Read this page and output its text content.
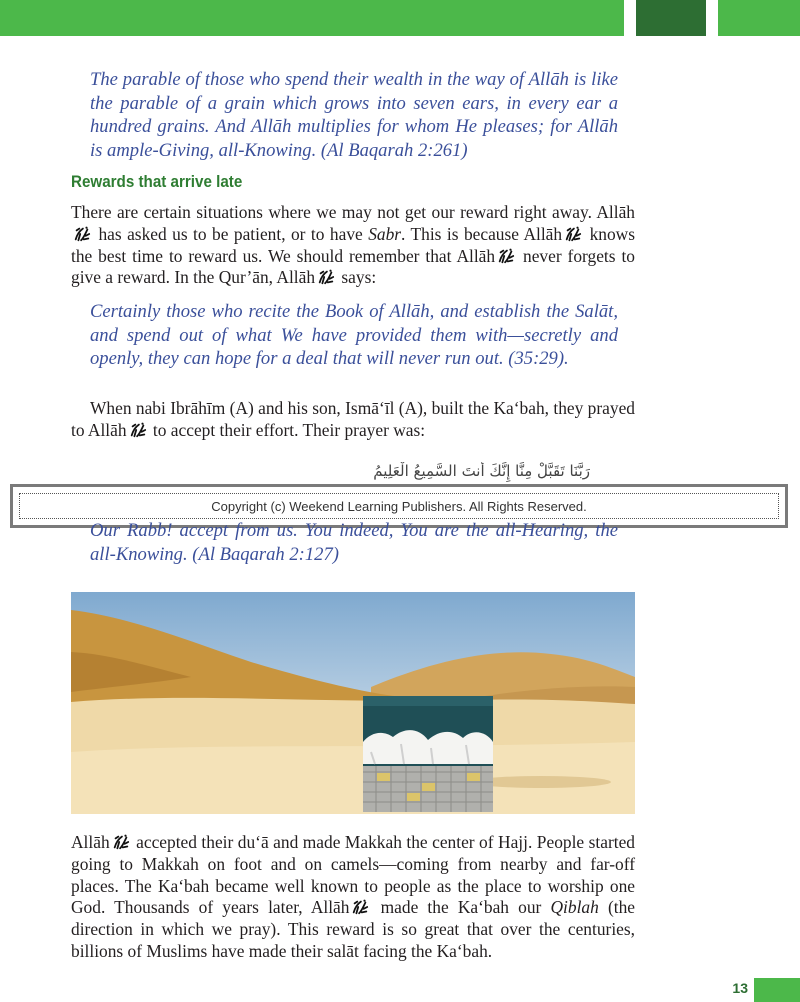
The parable of those who spend their wealth in the way of Allāh is like the parable of a grain which grows into seven ears, in every ear a hundred grains. And Allāh multiplies for whom He pleases; for Allāh is ample-Giving, all-Knowing. (Al Baqarah 2:261)
Rewards that arrive late
There are certain situations where we may not get our reward right away. Allāh has asked us to be patient, or to have Sabr. This is because Allāh knows the best time to reward us. We should remember that Allāh never forgets to give a reward. In the Qur’ān, Allāh says:
Certainly those who recite the Book of Allāh, and establish the Salāt, and spend out of what We have provided them with—secretly and openly, they can hope for a deal that will never run out. (35:29).
When nabi Ibrāhīm (A) and his son, Ismā‘īl (A), built the Ka‘bah, they prayed to Allāh to accept their effort. Their prayer was:
رَبَّنَا تَقَبَّلْ مِنَّا إِنَّكَ أَنتَ السَّمِيعُ الْعَلِيمُ
Copyright (c) Weekend Learning Publishers. All Rights Reserved.
Our Rabb! accept from us. You indeed, You are the all-Hearing, the all-Knowing. (Al Baqarah 2:127)
Allāh accepted their du‘ā and made Makkah the center of Hajj. People started going to Makkah on foot and on camels—coming from nearby and far-off places. The Ka‘bah became well known to people as the place to worship one God. Thousands of years later, Allāh made the Ka‘bah our Qiblah (the direction in which we pray). This reward is so great that over the centuries, billions of Muslims have made their salāt facing the Ka‘bah.
13
